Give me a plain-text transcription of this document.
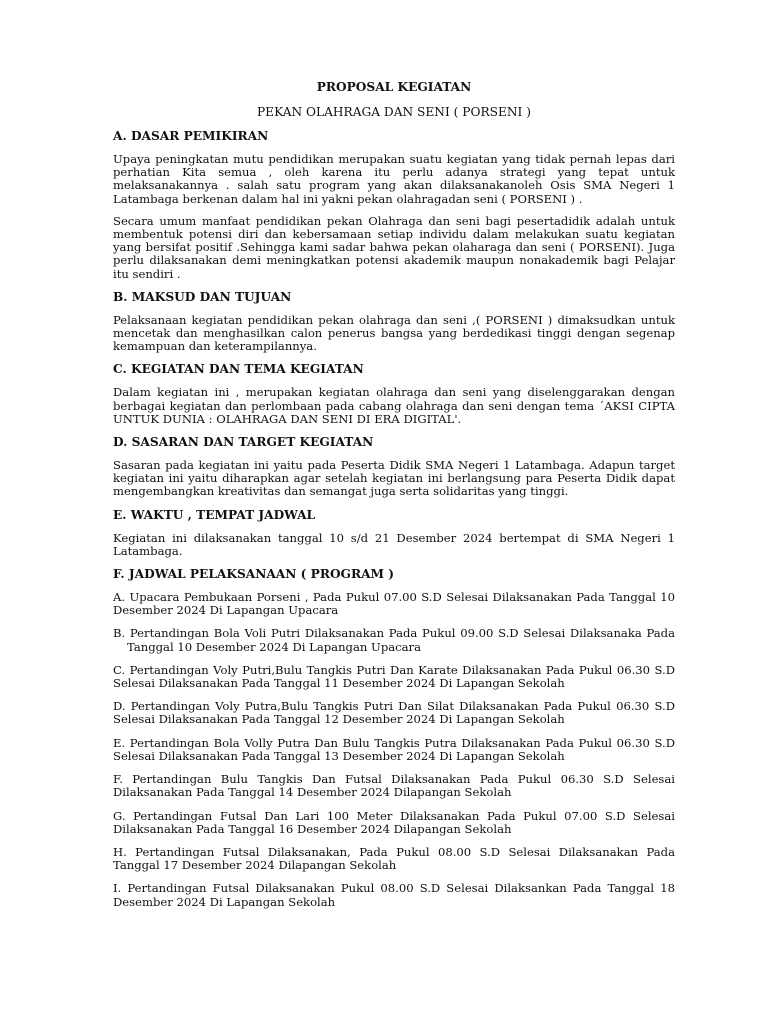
PROPOSAL KEGIATAN
PEKAN OLAHRAGA DAN SENI ( PORSENI )
A. DASAR PEMIKIRAN
Upaya peningkatan mutu pendidikan merupakan suatu kegiatan yang tidak pernah lepas dari perhatian Kita semua , oleh karena itu perlu adanya strategi yang tepat untuk melaksanakannya . salah satu program yang akan dilaksanakanoleh Osis SMA Negeri 1 Latambaga berkenan dalam hal ini yakni pekan olahragadan seni ( PORSENI ) .
Secara umum manfaat pendidikan pekan Olahraga dan seni bagi pesertadidik adalah untuk membentuk potensi diri dan kebersamaan setiap individu dalam melakukan suatu kegiatan yang bersifat positif .Sehingga kami sadar bahwa pekan olaharaga dan seni ( PORSENI). Juga perlu dilaksanakan demi meningkatkan potensi akademik maupun nonakademik bagi Pelajar itu sendiri .
B. MAKSUD DAN TUJUAN
Pelaksanaan kegiatan pendidikan pekan olahraga dan seni ,( PORSENI ) dimaksudkan untuk mencetak dan menghasilkan calon penerus bangsa yang berdedikasi tinggi dengan segenap kemampuan dan keterampilannya.
C. KEGIATAN DAN TEMA KEGIATAN
Dalam kegiatan ini , merupakan kegiatan olahraga dan seni yang diselenggarakan dengan berbagai kegiatan dan perlombaan pada cabang olahraga dan seni dengan tema ´AKSI CIPTA UNTUK DUNIA : OLAHRAGA DAN SENI DI ERA DIGITAL'.
D. SASARAN DAN TARGET KEGIATAN
Sasaran pada kegiatan ini yaitu pada Peserta Didik SMA Negeri 1 Latambaga. Adapun target kegiatan ini yaitu diharapkan agar setelah kegiatan ini berlangsung para Peserta Didik dapat mengembangkan kreativitas dan semangat juga serta solidaritas yang tinggi.
E. WAKTU , TEMPAT JADWAL
Kegiatan ini dilaksanakan tanggal 10 s/d 21 Desember 2024 bertempat di SMA Negeri 1 Latambaga.
F. JADWAL PELAKSANAAN ( PROGRAM )
A. Upacara Pembukaan Porseni , Pada Pukul 07.00 S.D Selesai Dilaksanakan Pada Tanggal 10 Desember 2024 Di Lapangan Upacara
B. Pertandingan Bola Voli Putri Dilaksanakan Pada Pukul 09.00 S.D Selesai Dilaksanaka Pada Tanggal 10 Desember 2024 Di Lapangan Upacara
C. Pertandingan Voly Putri,Bulu Tangkis Putri Dan Karate Dilaksanakan Pada Pukul 06.30 S.D Selesai Dilaksanakan Pada Tanggal 11 Desember 2024 Di Lapangan Sekolah
D. Pertandingan Voly Putra,Bulu Tangkis Putri Dan Silat Dilaksanakan Pada Pukul 06.30 S.D Selesai Dilaksanakan Pada Tanggal 12 Desember 2024 Di Lapangan Sekolah
E. Pertandingan Bola Volly Putra Dan Bulu Tangkis Putra Dilaksanakan Pada Pukul 06.30 S.D Selesai Dilaksanakan Pada Tanggal 13 Desember 2024 Di Lapangan Sekolah
F. Pertandingan Bulu Tangkis Dan Futsal Dilaksanakan Pada Pukul 06.30 S.D Selesai Dilaksanakan Pada Tanggal 14 Desember 2024 Dilapangan Sekolah
G. Pertandingan Futsal Dan Lari 100 Meter Dilaksanakan Pada Pukul 07.00 S.D Selesai Dilaksanakan Pada Tanggal 16 Desember 2024 Dilapangan Sekolah
H. Pertandingan Futsal Dilaksanakan, Pada Pukul 08.00 S.D Selesai Dilaksanakan Pada Tanggal 17 Desember 2024 Dilapangan Sekolah
I. Pertandingan Futsal Dilaksanakan Pukul 08.00 S.D Selesai Dilaksankan Pada Tanggal 18 Desember 2024 Di Lapangan Sekolah
